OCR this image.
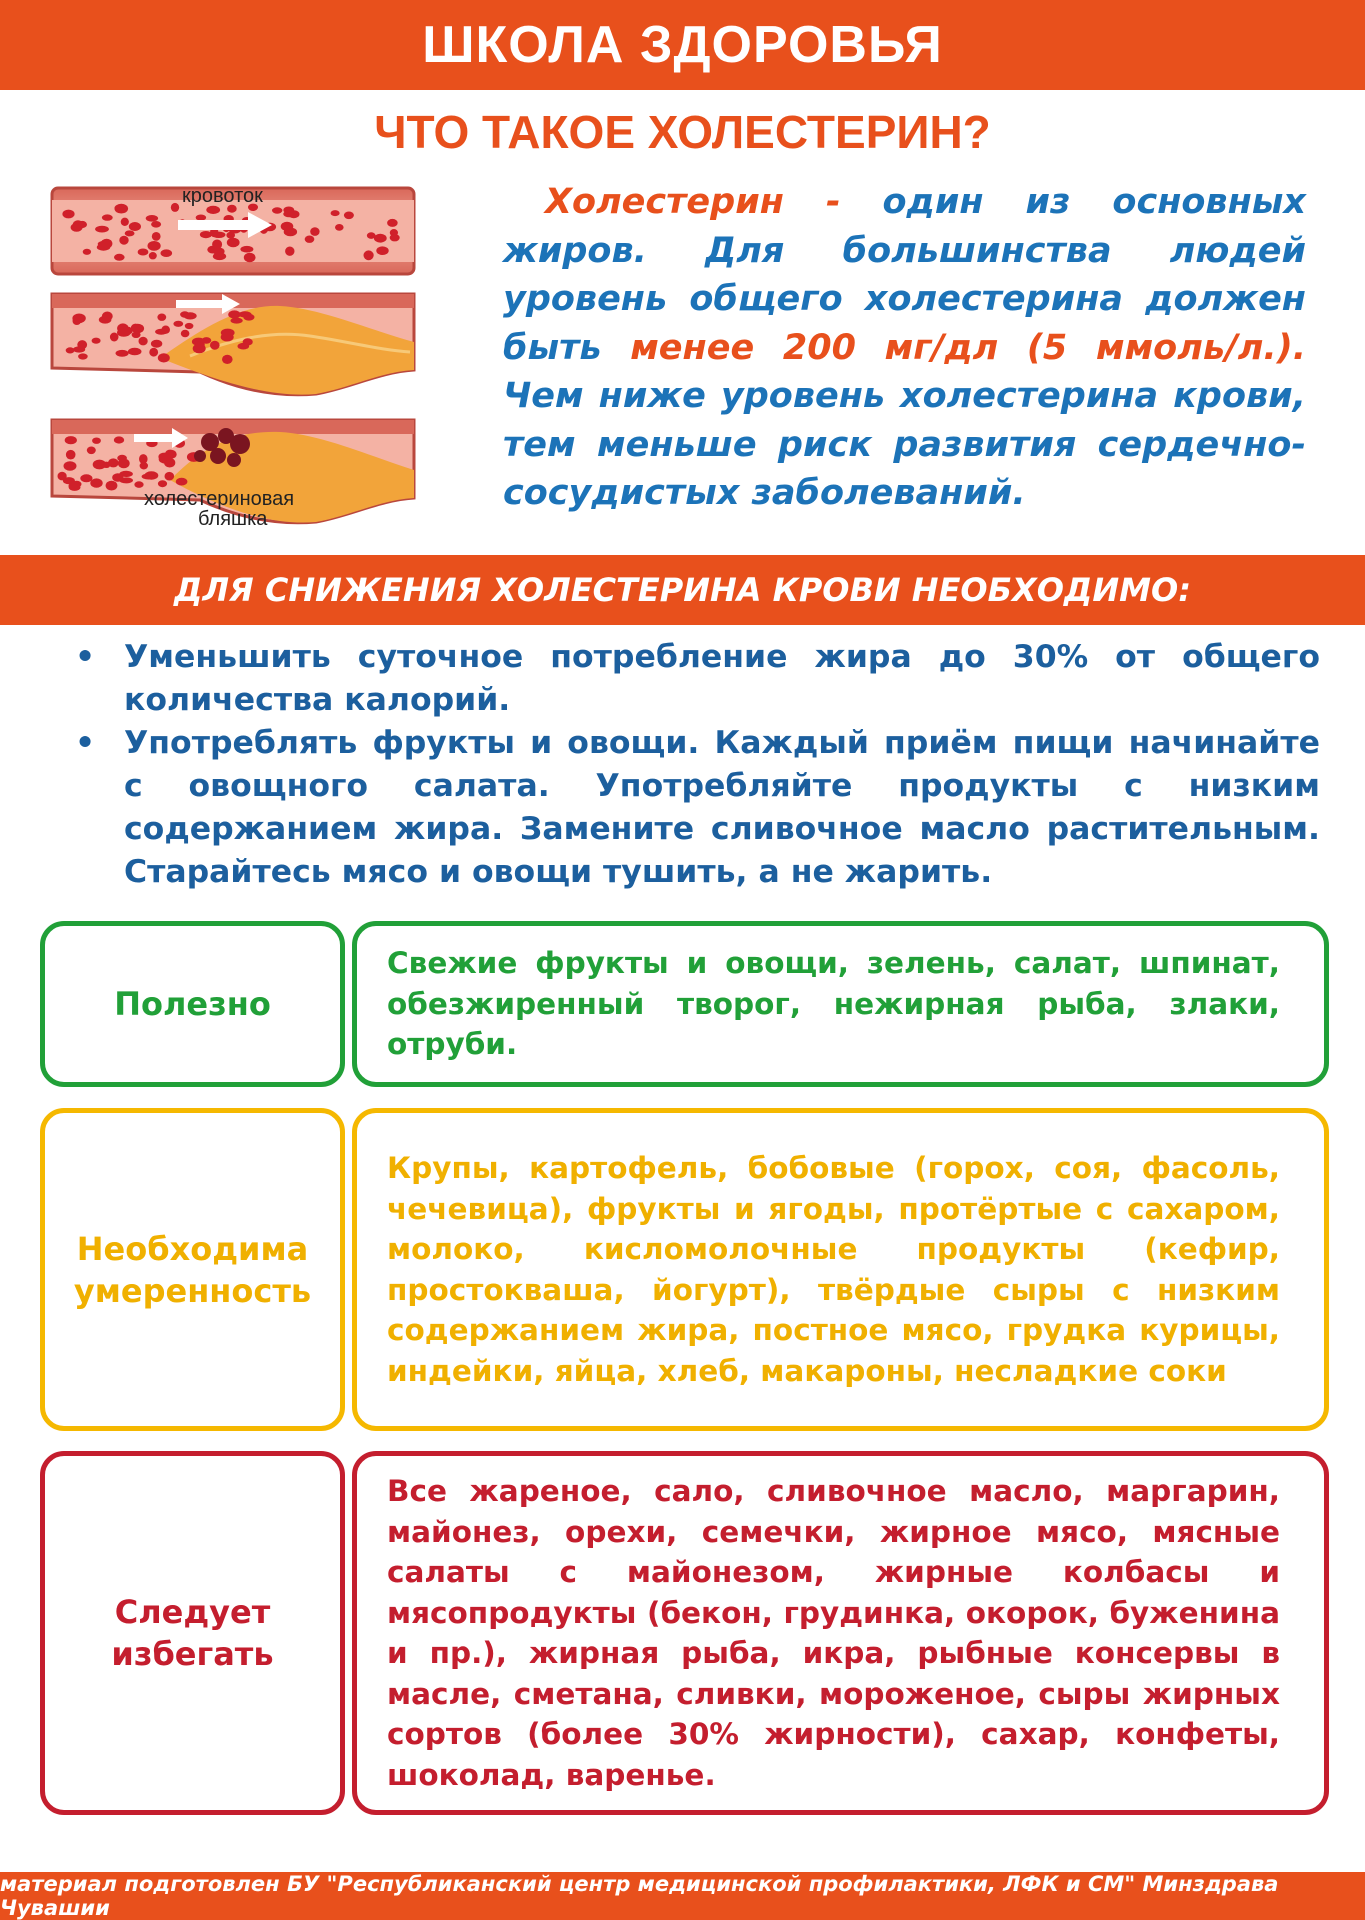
ШКОЛА ЗДОРОВЬЯ
ЧТО ТАКОЕ ХОЛЕСТЕРИН?
кровоток
холестериновая
бляшка
Холестерин - один из основных жиров. Для большинства людей уровень общего холестерина должен быть менее 200 мг/дл (5 ммоль/л.). Чем ниже уровень холестерина крови, тем меньше риск развития сердечно-сосудистых заболеваний.
ДЛЯ СНИЖЕНИЯ ХОЛЕСТЕРИНА КРОВИ НЕОБХОДИМО:
• Уменьшить суточное потребление жира до 30% от общего количества калорий.
• Употреблять фрукты и овощи. Каждый приём пищи начинайте с овощного салата. Употребляйте продукты с низким содержанием жира. Замените сливочное масло растительным. Старайтесь мясо и овощи тушить, а не жарить.
Полезно

Свежие фрукты и овощи, зелень, салат, шпинат, обезжиренный творог, нежирная рыба, злаки, отруби.

Необходима умеренность

Крупы, картофель, бобовые (горох, соя, фасоль, чечевица), фрукты и ягоды, протёртые с сахаром, молоко, кисломолочные продукты (кефир, простокваша, йогурт), твёрдые сыры с низким содержанием жира, постное мясо, грудка курицы, индейки, яйца, хлеб, макароны, несладкие соки

Следует избегать

Все жареное, сало, сливочное масло, маргарин, майонез, орехи, семечки, жирное мясо, мясные салаты с майонезом, жирные колбасы и мясопродукты (бекон, грудинка, окорок, буженина и пр.), жирная рыба, икра, рыбные консервы в масле, сметана, сливки, мороженое, сыры жирных сортов (более 30% жирности), сахар, конфеты, шоколад, варенье.

материал подготовлен БУ "Республиканский центр медицинской профилактики, ЛФК и СМ" Минздрава Чувашии
